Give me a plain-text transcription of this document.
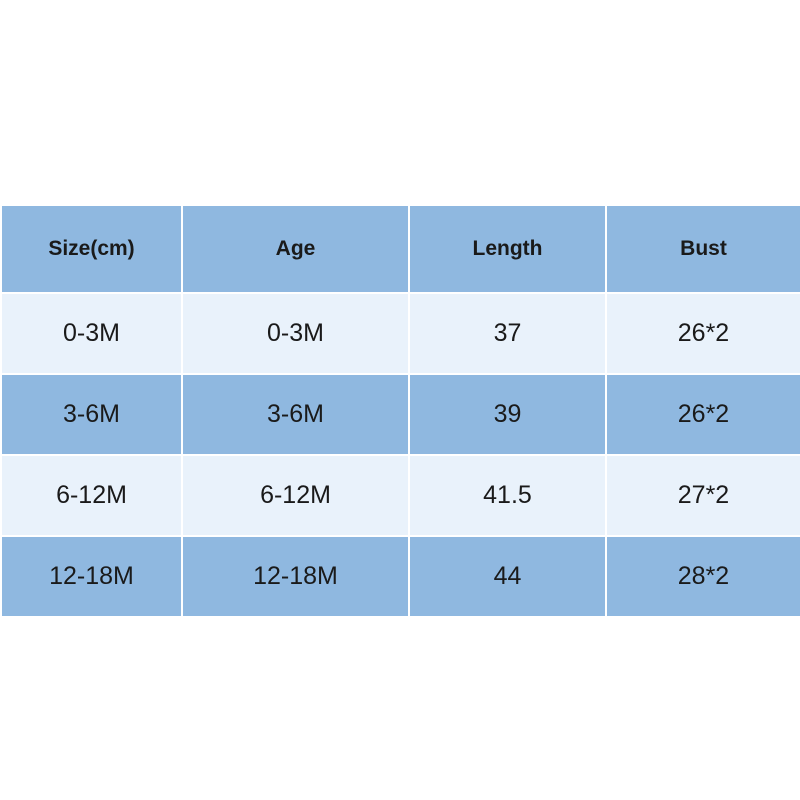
Size(cm)	Age	Length	Bust
0-3M	0-3M	37	26*2
3-6M	3-6M	39	26*2
6-12M	6-12M	41.5	27*2
12-18M	12-18M	44	28*2
